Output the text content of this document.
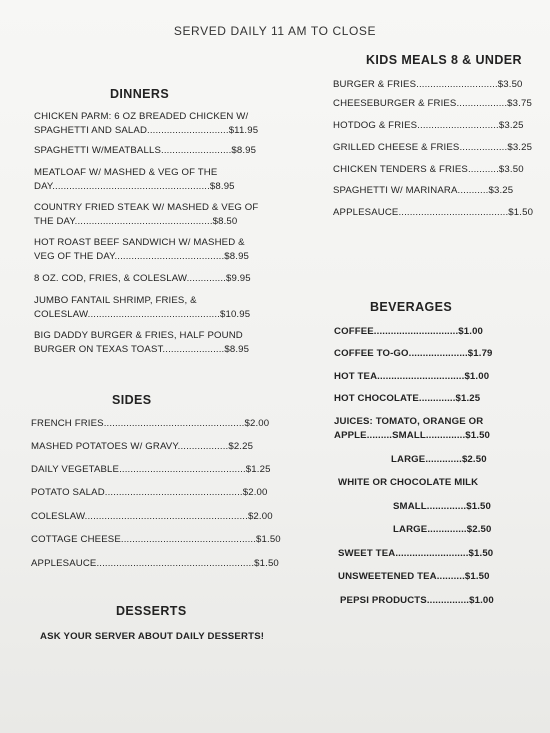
SERVED DAILY 11 AM TO CLOSE
DINNERS
CHICKEN PARM: 6 OZ BREADED CHICKEN W/
SPAGHETTI AND SALAD.............................$11.95
SPAGHETTI W/MEATBALLS.........................$8.95
MEATLOAF W/ MASHED & VEG OF THE
DAY........................................................$8.95
COUNTRY FRIED STEAK W/ MASHED & VEG OF
THE DAY.................................................$8.50
HOT ROAST BEEF SANDWICH W/ MASHED &
VEG OF THE DAY.......................................$8.95
8 OZ. COD, FRIES, & COLESLAW..............$9.95
JUMBO FANTAIL SHRIMP, FRIES, &
COLESLAW...............................................$10.95
BIG DADDY BURGER & FRIES, HALF POUND
BURGER ON TEXAS TOAST......................$8.95
SIDES
FRENCH FRIES..................................................$2.00
MASHED POTATOES W/ GRAVY..................$2.25
DAILY VEGETABLE.............................................$1.25
POTATO SALAD.................................................$2.00
COLESLAW..........................................................$2.00
COTTAGE CHEESE................................................$1.50
APPLESAUCE........................................................$1.50
DESSERTS
ASK YOUR SERVER ABOUT DAILY DESSERTS!
KIDS MEALS 8 & UNDER
BURGER & FRIES.............................$3.50
CHEESEBURGER & FRIES..................$3.75
HOTDOG & FRIES.............................$3.25
GRILLED CHEESE & FRIES.................$3.25
CHICKEN TENDERS & FRIES...........$3.50
SPAGHETTI W/ MARINARA...........$3.25
APPLESAUCE.......................................$1.50
BEVERAGES
COFFEE..............................$1.00
COFFEE TO-GO.....................$1.79
HOT TEA...............................$1.00
HOT CHOCOLATE.............$1.25
JUICES: TOMATO, ORANGE OR
APPLE.........SMALL..............$1.50
LARGE.............$2.50
WHITE OR CHOCOLATE MILK
SMALL..............$1.50
LARGE..............$2.50
SWEET TEA..........................$1.50
UNSWEETENED TEA..........$1.50
PEPSI PRODUCTS...............$1.00
